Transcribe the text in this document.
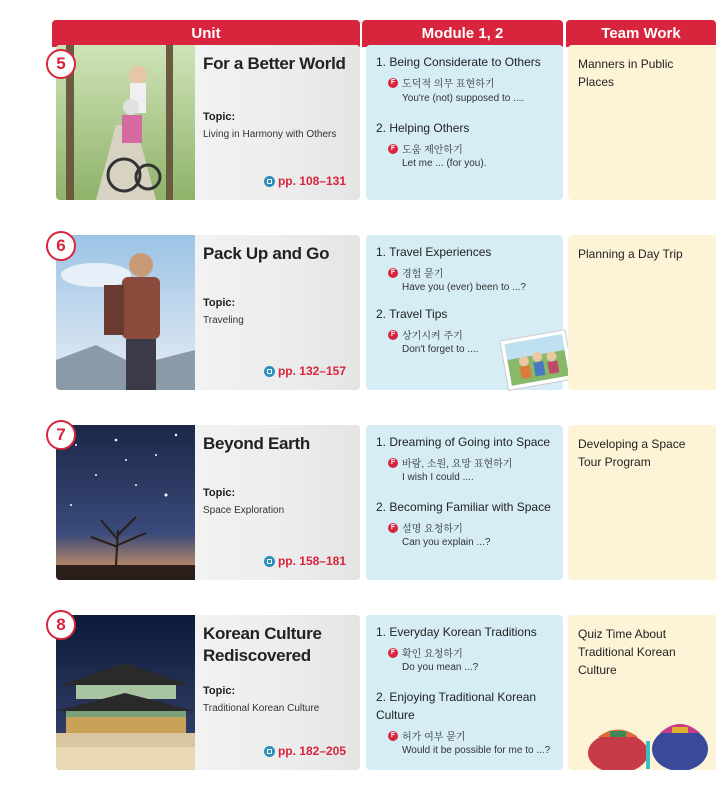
Unit	Module 1, 2	Team Work
5	For a Better World
Topic:
Living in Harmony with Others
pp. 108–131
1. Being Considerate to Others
F 도덕적 의무 표현하기
You're (not) supposed to ....
2. Helping Others
F 도움 제안하기
Let me ... (for you).
Manners in Public Places
6	Pack Up and Go
Topic:
Traveling
pp. 132–157
1. Travel Experiences
F 경험 묻기
Have you (ever) been to ...?
2. Travel Tips
F 상기시켜 주기
Don't forget to ....
Planning a Day Trip
7	Beyond Earth
Topic:
Space Exploration
pp. 158–181
1. Dreaming of Going into Space
F 바람, 소원, 요망 표현하기
I wish I could ....
2. Becoming Familiar with Space
F 설명 요청하기
Can you explain ...?
Developing a Space Tour Program
8	Korean Culture Rediscovered
Topic:
Traditional Korean Culture
pp. 182–205
1. Everyday Korean Traditions
F 확인 요청하기
Do you mean ...?
2. Enjoying Traditional Korean Culture
F 허가 여부 묻기
Would it be possible for me to ...?
Quiz Time About Traditional Korean Culture
